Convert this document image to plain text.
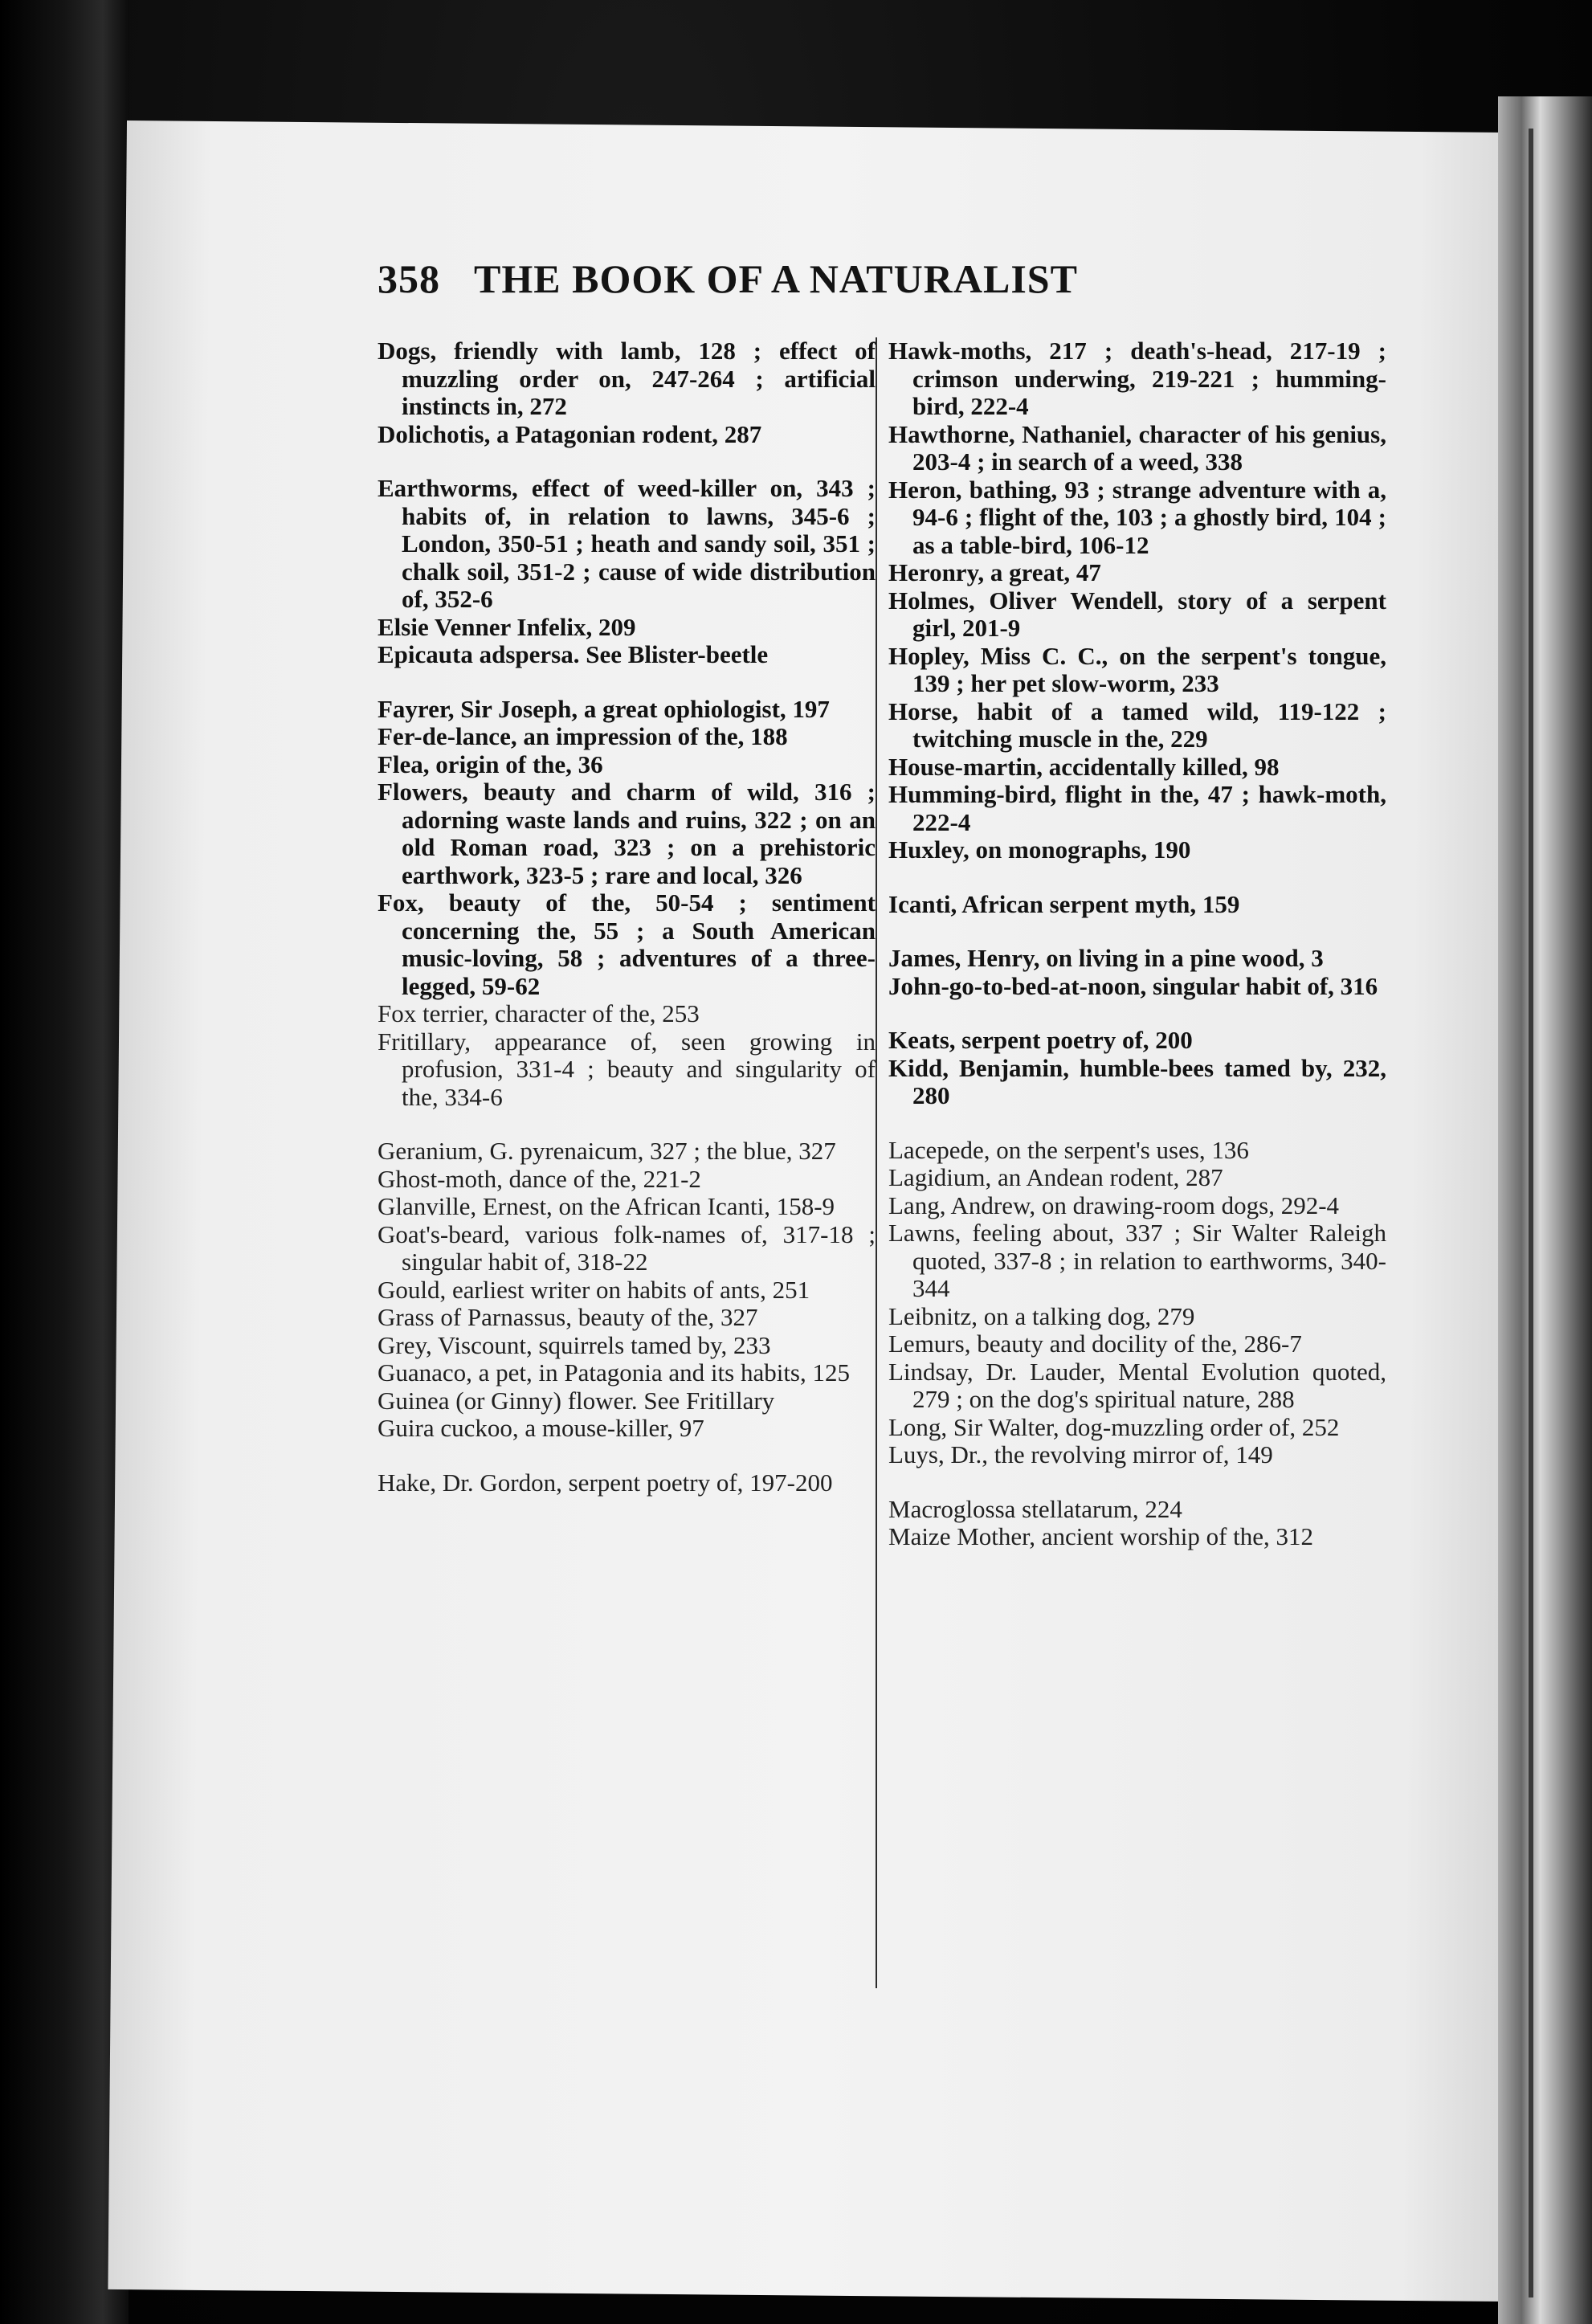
358 THE BOOK OF A NATURALIST

Dogs, friendly with lamb, 128 ; effect of muzzling order on, 247-264 ; artificial instincts in, 272

Dolichotis, a Patagonian rodent, 287

Earthworms, effect of weed-killer on, 343 ; habits of, in relation to lawns, 345-6 ; London, 350-51 ; heath and sandy soil, 351 ; chalk soil, 351-2 ; cause of wide distribution of, 352-6

Elsie Venner Infelix, 209

Epicauta adspersa. See Blister-beetle

Fayrer, Sir Joseph, a great ophiologist, 197

Fer-de-lance, an impression of the, 188

Flea, origin of the, 36

Flowers, beauty and charm of wild, 316 ; adorning waste lands and ruins, 322 ; on an old Roman road, 323 ; on a prehistoric earthwork, 323-5 ; rare and local, 326

Fox, beauty of the, 50-54 ; sentiment concerning the, 55 ; a South American music-loving, 58 ; adventures of a three-legged, 59-62

Fox terrier, character of the, 253

Fritillary, appearance of, seen growing in profusion, 331-4 ; beauty and singularity of the, 334-6

Geranium, G. pyrenaicum, 327 ; the blue, 327

Ghost-moth, dance of the, 221-2

Glanville, Ernest, on the African Icanti, 158-9

Goat's-beard, various folk-names of, 317-18 ; singular habit of, 318-22

Gould, earliest writer on habits of ants, 251

Grass of Parnassus, beauty of the, 327

Grey, Viscount, squirrels tamed by, 233

Guanaco, a pet, in Patagonia and its habits, 125

Guinea (or Ginny) flower. See Fritillary

Guira cuckoo, a mouse-killer, 97

Hake, Dr. Gordon, serpent poetry of, 197-200

Hawk-moths, 217 ; death's-head, 217-19 ; crimson underwing, 219-221 ; humming-bird, 222-4

Hawthorne, Nathaniel, character of his genius, 203-4 ; in search of a weed, 338

Heron, bathing, 93 ; strange adventure with a, 94-6 ; flight of the, 103 ; a ghostly bird, 104 ; as a table-bird, 106-12

Heronry, a great, 47

Holmes, Oliver Wendell, story of a serpent girl, 201-9

Hopley, Miss C. C., on the serpent's tongue, 139 ; her pet slow-worm, 233

Horse, habit of a tamed wild, 119-122 ; twitching muscle in the, 229

House-martin, accidentally killed, 98

Humming-bird, flight in the, 47 ; hawk-moth, 222-4

Huxley, on monographs, 190

Icanti, African serpent myth, 159

James, Henry, on living in a pine wood, 3

John-go-to-bed-at-noon, singular habit of, 316

Keats, serpent poetry of, 200

Kidd, Benjamin, humble-bees tamed by, 232, 280

Lacepede, on the serpent's uses, 136

Lagidium, an Andean rodent, 287

Lang, Andrew, on drawing-room dogs, 292-4

Lawns, feeling about, 337 ; Sir Walter Raleigh quoted, 337-8 ; in relation to earthworms, 340-344

Leibnitz, on a talking dog, 279

Lemurs, beauty and docility of the, 286-7

Lindsay, Dr. Lauder, Mental Evolution quoted, 279 ; on the dog's spiritual nature, 288

Long, Sir Walter, dog-muzzling order of, 252

Luys, Dr., the revolving mirror of, 149

Macroglossa stellatarum, 224

Maize Mother, ancient worship of the, 312
